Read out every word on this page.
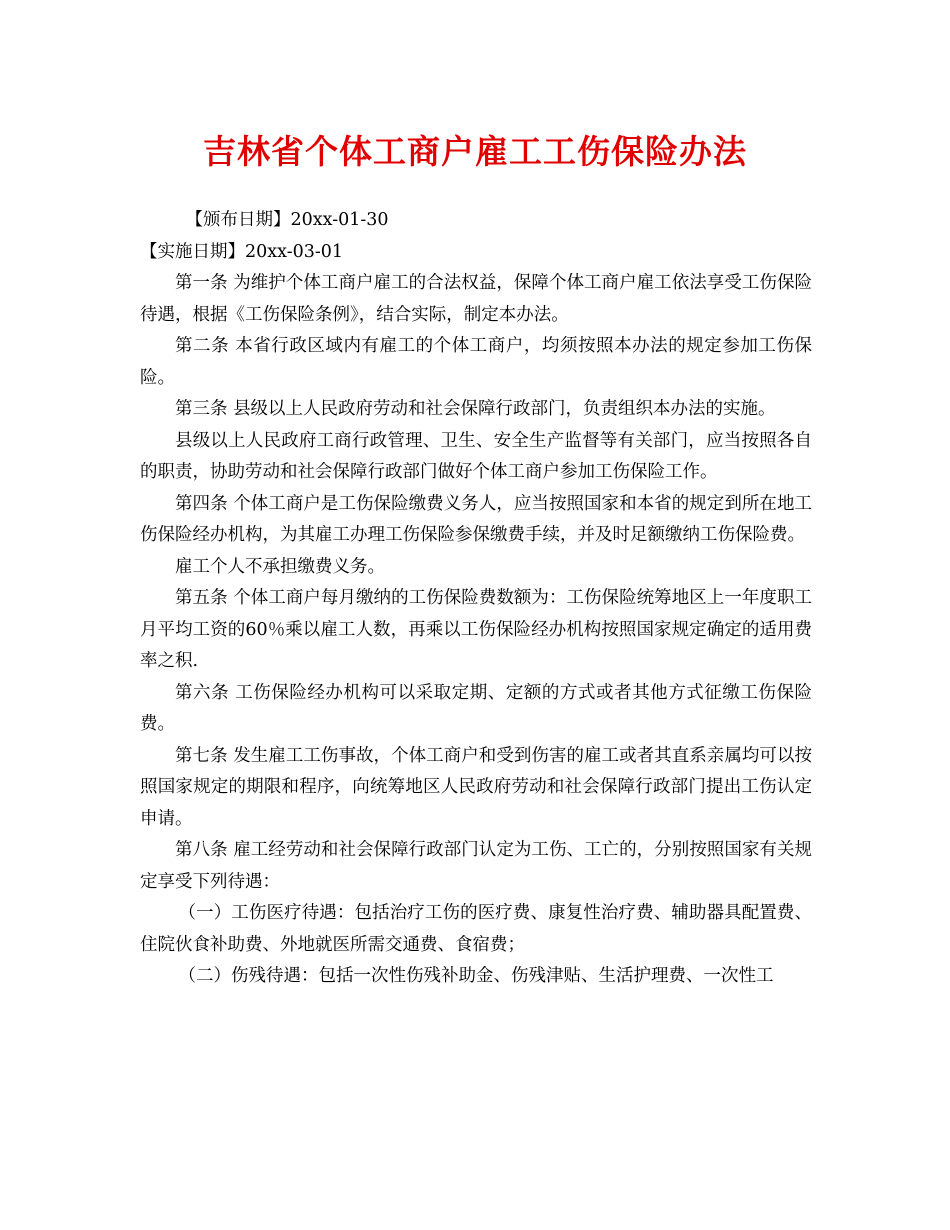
吉林省个体工商户雇工工伤保险办法

【颁布日期】20xx-01-30

【实施日期】20xx-03-01

第一条 为维护个体工商户雇工的合法权益，保障个体工商户雇工依法享受工伤保险待遇，根据《工伤保险条例》，结合实际，制定本办法。

第二条 本省行政区域内有雇工的个体工商户，均须按照本办法的规定参加工伤保险。

第三条 县级以上人民政府劳动和社会保障行政部门，负责组织本办法的实施。

县级以上人民政府工商行政管理、卫生、安全生产监督等有关部门，应当按照各自的职责，协助劳动和社会保障行政部门做好个体工商户参加工伤保险工作。

第四条 个体工商户是工伤保险缴费义务人，应当按照国家和本省的规定到所在地工伤保险经办机构，为其雇工办理工伤保险参保缴费手续，并及时足额缴纳工伤保险费。

雇工个人不承担缴费义务。

第五条 个体工商户每月缴纳的工伤保险费数额为：工伤保险统筹地区上一年度职工月平均工资的60％乘以雇工人数，再乘以工伤保险经办机构按照国家规定确定的适用费率之积.

第六条 工伤保险经办机构可以采取定期、定额的方式或者其他方式征缴工伤保险费。

第七条 发生雇工工伤事故，个体工商户和受到伤害的雇工或者其直系亲属均可以按照国家规定的期限和程序，向统筹地区人民政府劳动和社会保障行政部门提出工伤认定申请。

第八条 雇工经劳动和社会保障行政部门认定为工伤、工亡的，分别按照国家有关规定享受下列待遇：

（一）工伤医疗待遇：包括治疗工伤的医疗费、康复性治疗费、辅助器具配置费、住院伙食补助费、外地就医所需交通费、食宿费；

（二）伤残待遇：包括一次性伤残补助金、伤残津贴、生活护理费、一次性工
